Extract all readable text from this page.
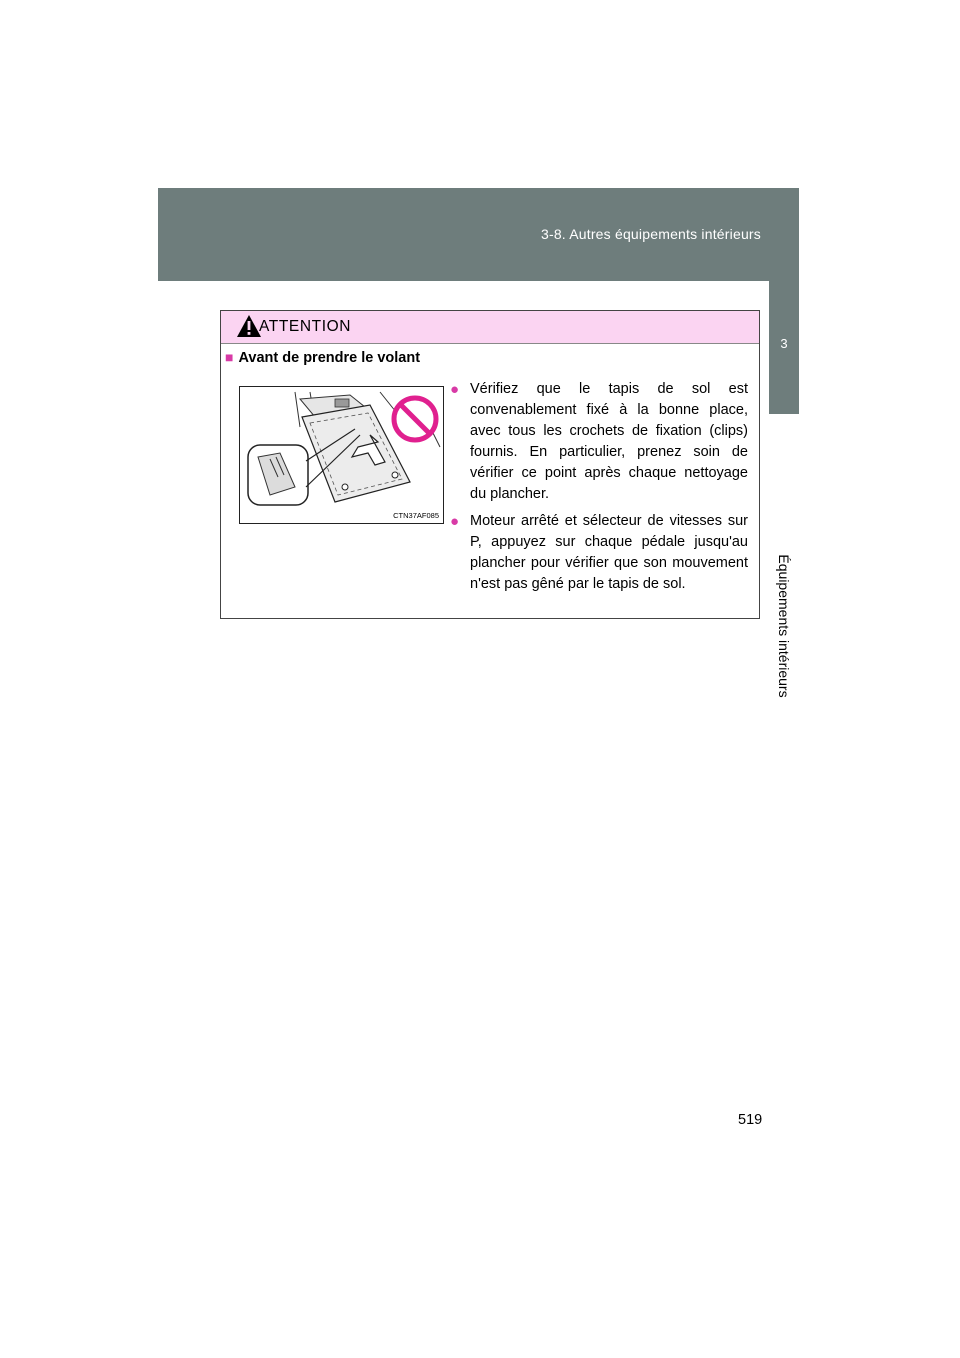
3-8. Autres équipements intérieurs
3
Équipements intérieurs
ATTENTION
■ Avant de prendre le volant
CTN37AF085
● Vérifiez que le tapis de sol est convenablement fixé à la bonne place, avec tous les crochets de fixation (clips) fournis. En particulier, prenez soin de vérifier ce point après chaque nettoyage du plancher.
● Moteur arrêté et sélecteur de vitesses sur P, appuyez sur chaque pédale jusqu'au plancher pour vérifier que son mouvement n'est pas gêné par le tapis de sol.
519
